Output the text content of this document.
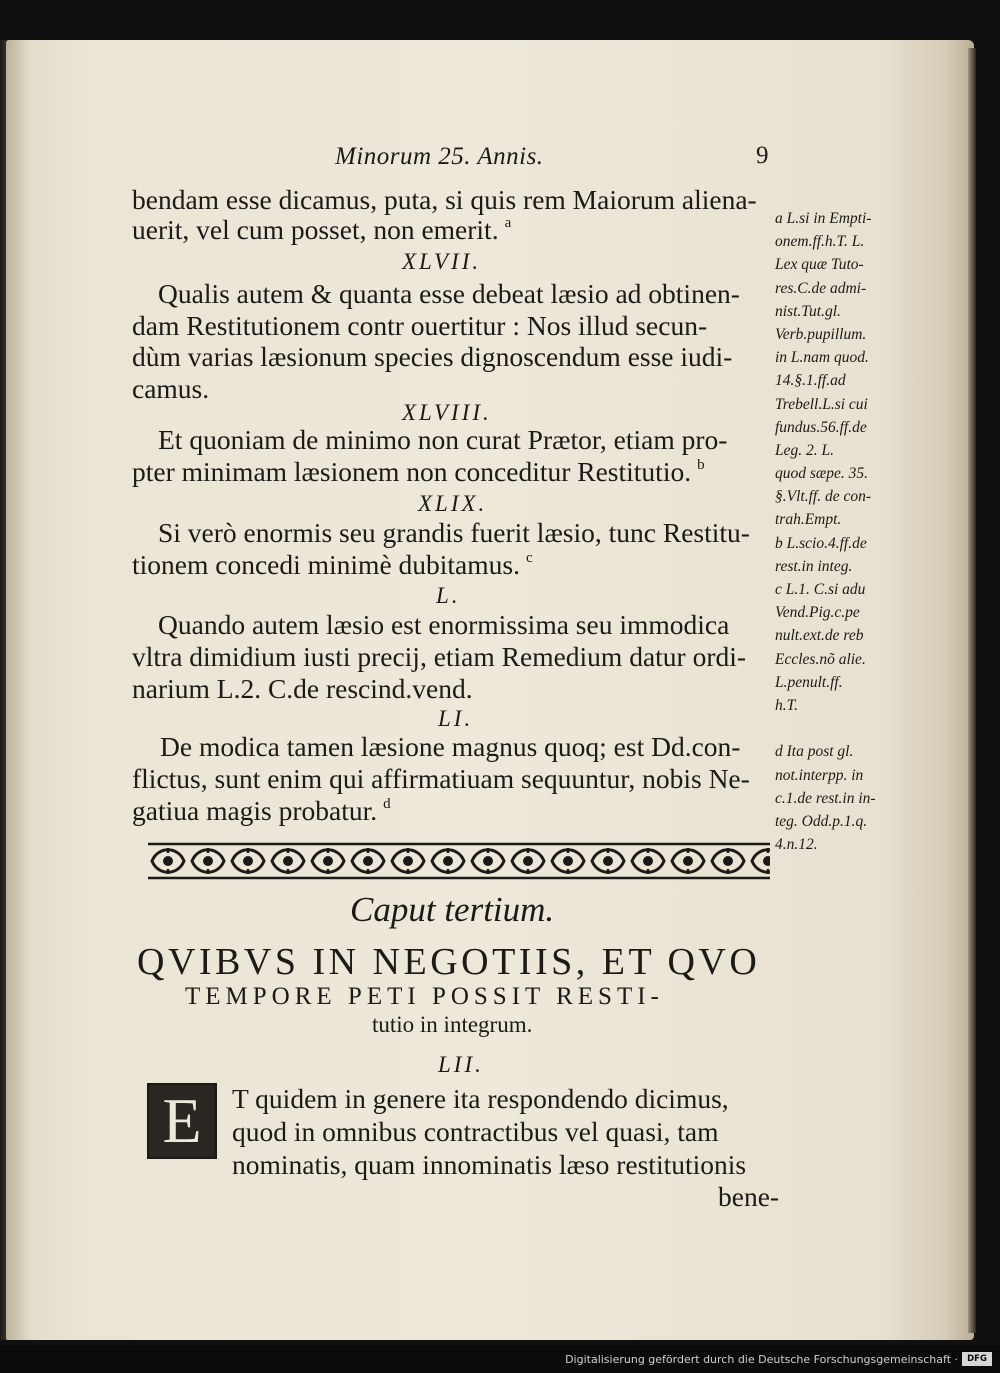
Minorum 25. Annis.	9
bendam esse dicamus, puta, si quis rem Maiorum aliena-
uerit, vel cum posset, non emerit. $^a$
XLVII.
Qualis autem & quanta esse debeat læsio ad obtinen-
dam Restitutionem contr ouertitur : Nos illud secun-
dùm varias læsionum species dignoscendum esse iudi-
camus.
XLVIII.
Et quoniam de minimo non curat Prætor, etiam pro-
pter minimam læsionem non conceditur Restitutio. $^b$
XLIX.
Si verò enormis seu grandis fuerit læsio, tunc Restitu-
tionem concedi minimè dubitamus. $^c$
L.
Quando autem læsio est enormissima seu immodica
vltra dimidium iusti precij, etiam Remedium datur ordi-
narium L.2. C.de rescind.vend.
LI.
De modica tamen læsione magnus quoq; est Dd.con-
flictus, sunt enim qui affirmatiuam sequuntur, nobis Ne-
gatiua magis probatur. $^d$
a L.si in Empti-
onem.ff.h.T. L.
Lex quæ Tuto-
res.C.de admi-
nist.Tut.gl.
Verb.pupillum.
in L.nam quod.
14.§.1.ff.ad
Trebell.L.si cui
fundus.56.ff.de
Leg. 2. L.
quod sæpe. 35.
§.Vlt.ff. de con-
trah.Empt.
b L.scio.4.ff.de
rest.in integ.
c L.1. C.si adu
Vend.Pig.c.pe
nult.ext.de reb
Eccles.nõ alie.
L.penult.ff.
h.T.
d Ita post gl.
not.interpp. in
c.1.de rest.in in-
teg. Odd.p.1.q.
4.n.12.
Caput tertium.
QVIBVS IN NEGOTIIS, ET QVO
TEMPORE PETI POSSIT RESTI-
tutio in integrum.
LII.
E	T quidem in genere ita respondendo dicimus,
quod in omnibus contractibus vel quasi, tam
nominatis, quam innominatis læso restitutionis
bene-
Digitalisierung gefördert durch die Deutsche Forschungsgemeinschaft ·	DFG
